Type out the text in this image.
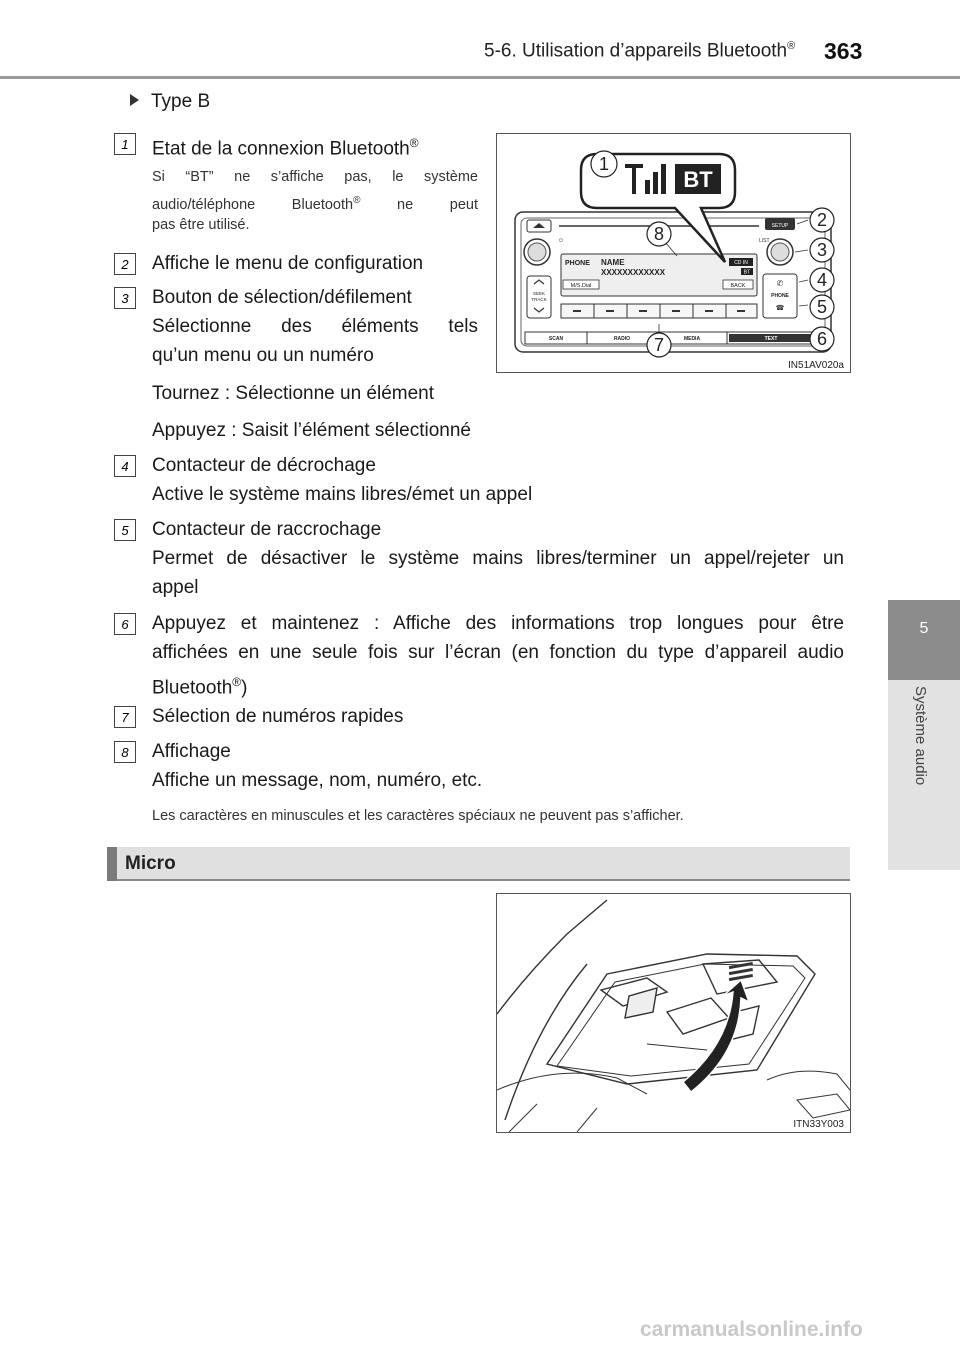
5-6. Utilisation d’appareils Bluetooth® 363
5
Système audio
Type B
1 Etat de la connexion Bluetooth®
Si “BT” ne s’affiche pas, le système
audio/téléphone Bluetooth®	ne peut
pas être utilisé.
2 Affiche le menu de configuration
3 Bouton de sélection/défilement
Sélectionne des éléments tels
qu’un menu ou un numéro
Tournez : Sélectionne un élément
Appuyez : Saisit l’élément sélectionné
4 Contacteur de décrochage
Active le système mains libres/émet un appel
5 Contacteur de raccrochage
Permet de désactiver le système mains libres/terminer un appel/rejeter un
appel
6 Appuyez et maintenez : Affiche des informations trop longues pour être
affichées en une seule fois sur l’écran (en fonction du type d’appareil audio
Bluetooth®)
7 Sélection de numéros rapides
8 Affichage
Affiche un message, nom, numéro, etc.
Les caractères en minuscules et les caractères spéciaux ne peuvent pas s’afficher.
Micro
SETUP
⏻	LIST
PHONE NAME
XXXXXXXXXXXX
CD IN
BT
M/S.Dial	BACK
SEEK
TRACK
✆
PHONE
☎
SCAN	RADIO	MEDIA	TEXT
BT
1
2
3
4
5
6
7
8
IN51AV020a
ITN33Y003
carmanualsonline.info
